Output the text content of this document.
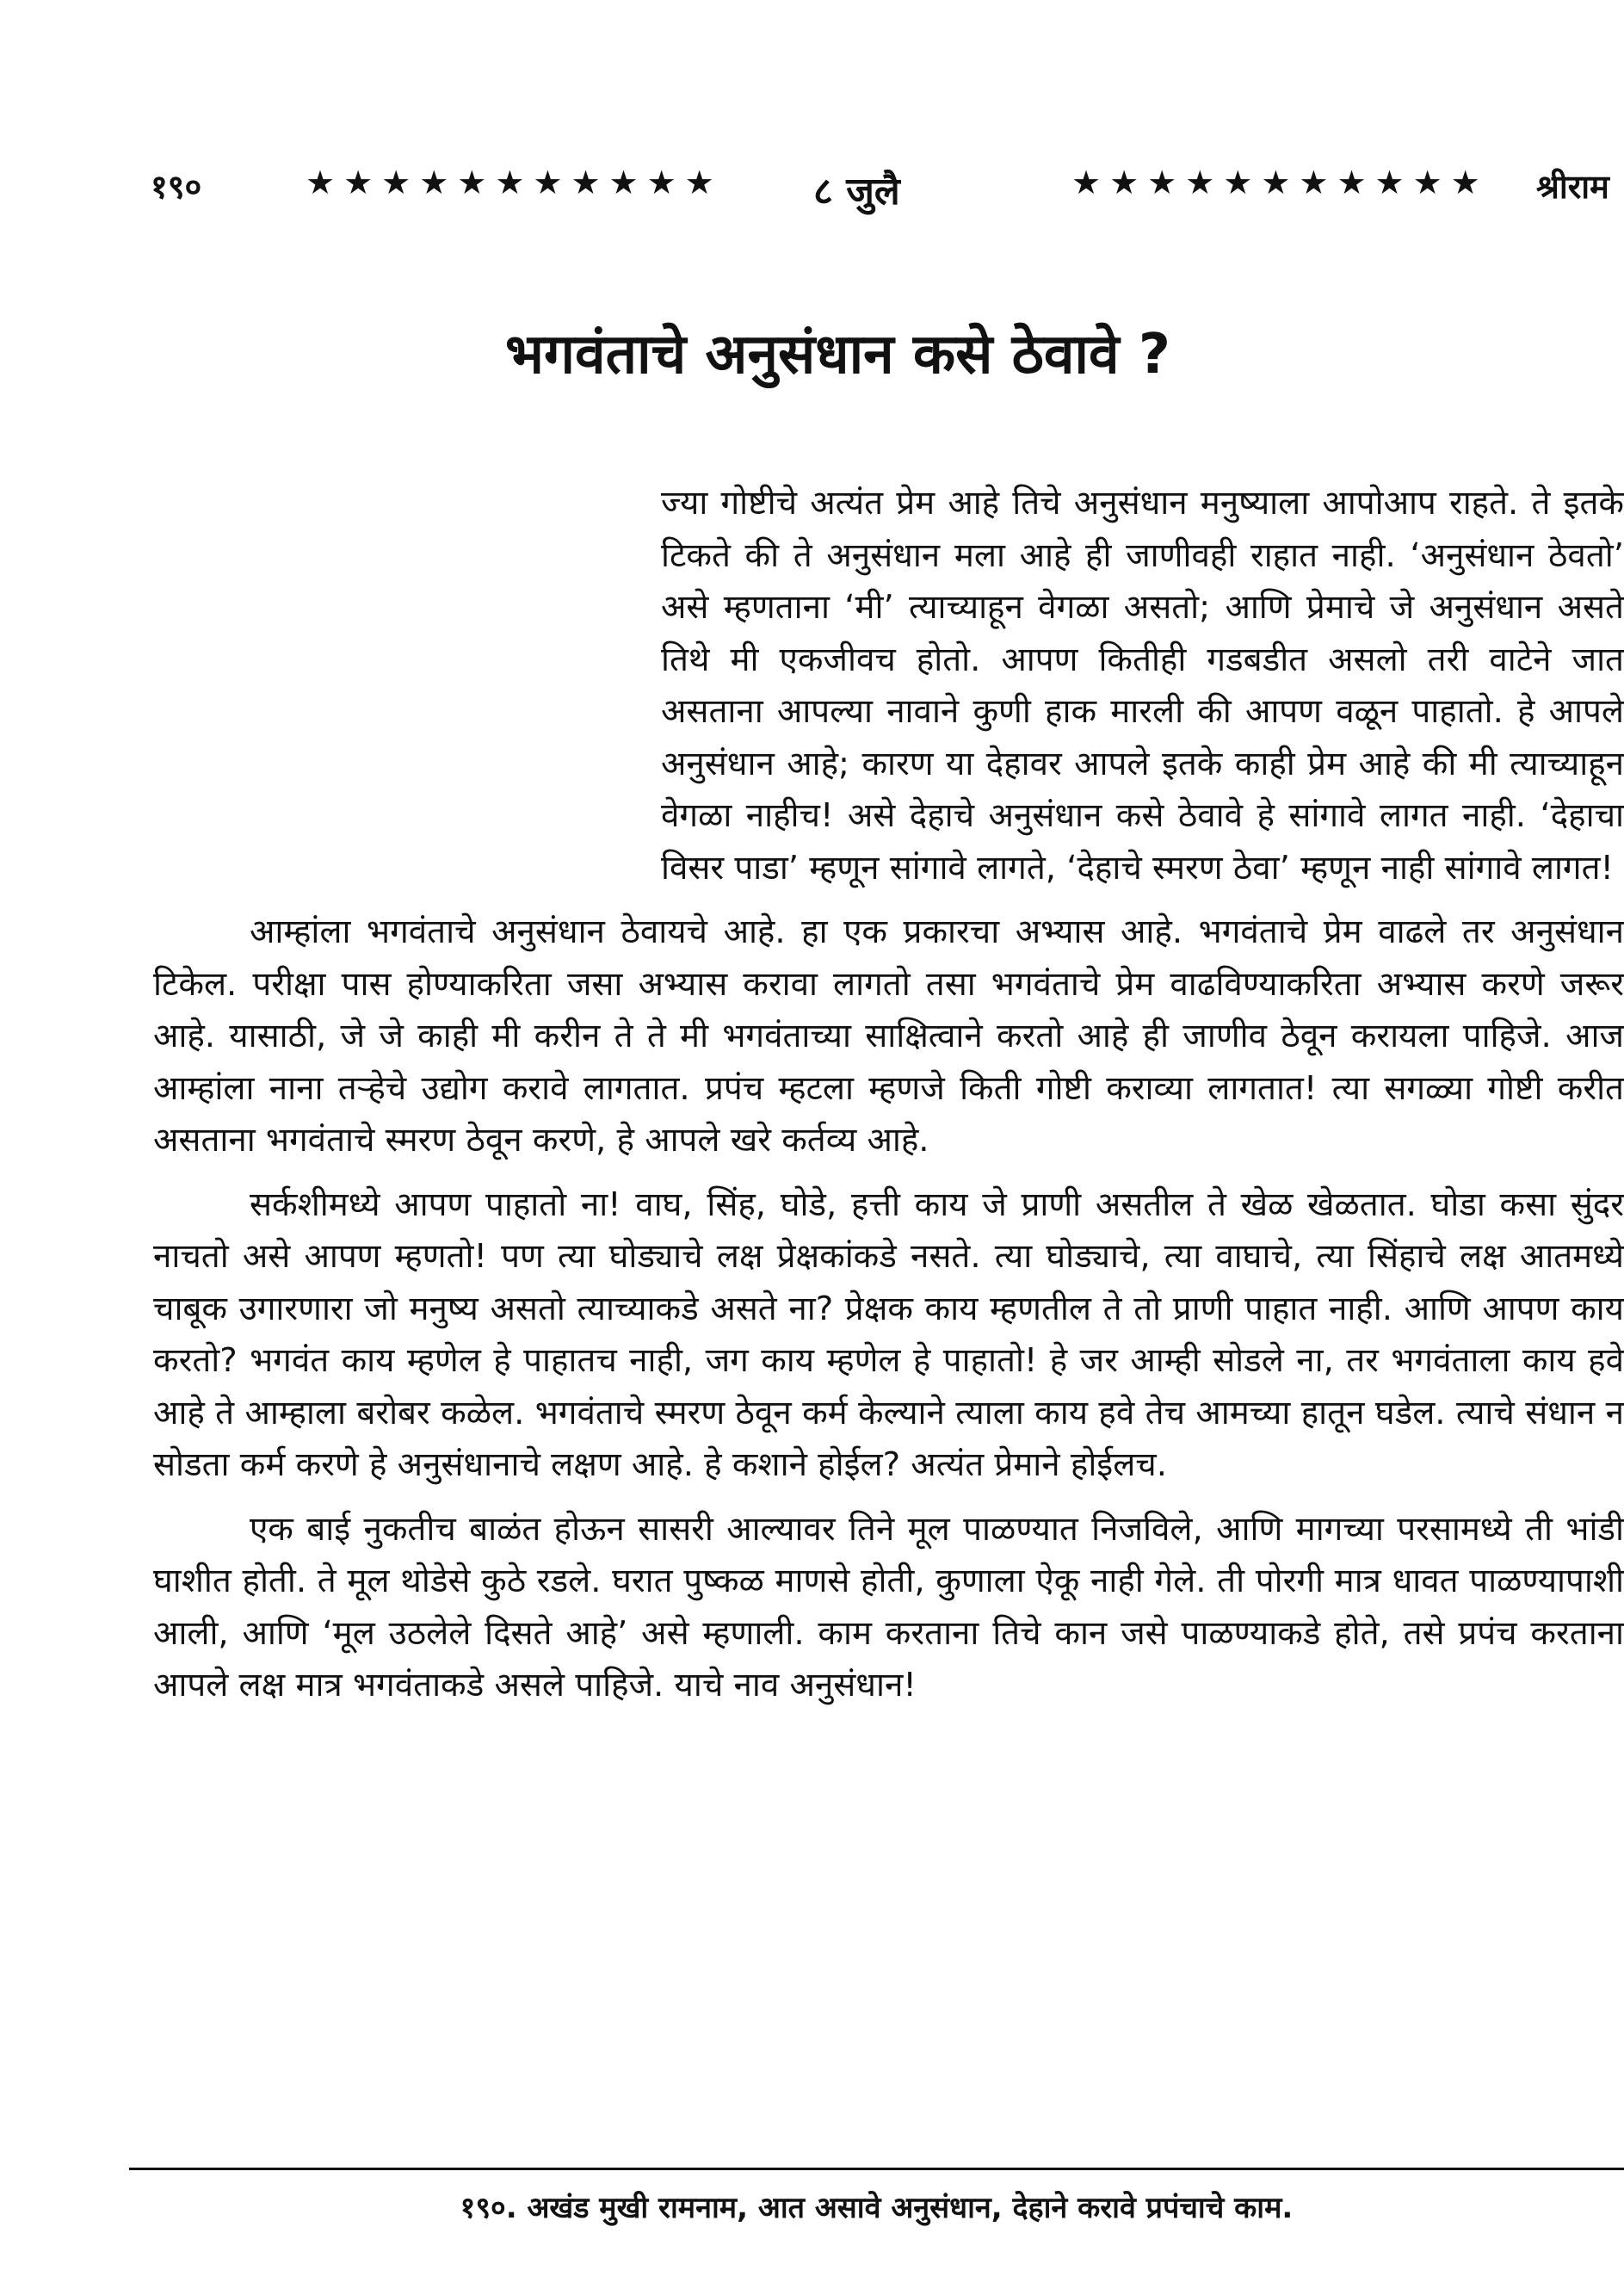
१९०	★★★★★★★★★★★ ८ जुलै	★★★★★★★★★★★ श्रीराम
भगवंताचे अनुसंधान कसे ठेवावे ?

ज्या गोष्टीचे अत्यंत प्रेम आहे तिचे अनुसंधान मनुष्याला आपोआप राहते. ते इतके टिकते की ते अनुसंधान मला आहे ही जाणीवही राहात नाही. ‘अनुसंधान ठेवतो’ असे म्हणताना ‘मी’ त्याच्याहून वेगळा असतो; आणि प्रेमाचे जे अनुसंधान असते तिथे मी एकजीवच होतो. आपण कितीही गडबडीत असलो तरी वाटेने जात असताना आपल्या नावाने कुणी हाक मारली की आपण वळून पाहातो. हे आपले अनुसंधान आहे; कारण या देहावर आपले इतके काही प्रेम आहे की मी त्याच्याहून वेगळा नाहीच! असे देहाचे अनुसंधान कसे ठेवावे हे सांगावे लागत नाही. ‘देहाचा विसर पाडा’ म्हणून सांगावे लागते, ‘देहाचे स्मरण ठेवा’ म्हणून नाही सांगावे लागत!

आम्हांला भगवंताचे अनुसंधान ठेवायचे आहे. हा एक प्रकारचा अभ्यास आहे. भगवंताचे प्रेम वाढले तर अनुसंधान टिकेल. परीक्षा पास होण्याकरिता जसा अभ्यास करावा लागतो तसा भगवंताचे प्रेम वाढविण्याकरिता अभ्यास करणे जरूर आहे. यासाठी, जे जे काही मी करीन ते ते मी भगवंताच्या साक्षित्वाने करतो आहे ही जाणीव ठेवून करायला पाहिजे. आज आम्हांला नाना तऱ्हेचे उद्योग करावे लागतात. प्रपंच म्हटला म्हणजे किती गोष्टी कराव्या लागतात! त्या सगळ्या गोष्टी करीत असताना भगवंताचे स्मरण ठेवून करणे, हे आपले खरे कर्तव्य आहे.

सर्कशीमध्ये आपण पाहातो ना! वाघ, सिंह, घोडे, हत्ती काय जे प्राणी असतील ते खेळ खेळतात. घोडा कसा सुंदर नाचतो असे आपण म्हणतो! पण त्या घोड्याचे लक्ष प्रेक्षकांकडे नसते. त्या घोड्याचे, त्या वाघाचे, त्या सिंहाचे लक्ष आतमध्ये चाबूक उगारणारा जो मनुष्य असतो त्याच्याकडे असते ना? प्रेक्षक काय म्हणतील ते तो प्राणी पाहात नाही. आणि आपण काय करतो? भगवंत काय म्हणेल हे पाहातच नाही, जग काय म्हणेल हे पाहातो! हे जर आम्ही सोडले ना, तर भगवंताला काय हवे आहे ते आम्हाला बरोबर कळेल. भगवंताचे स्मरण ठेवून कर्म केल्याने त्याला काय हवे तेच आमच्या हातून घडेल. त्याचे संधान न सोडता कर्म करणे हे अनुसंधानाचे लक्षण आहे. हे कशाने होईल? अत्यंत प्रेमाने होईलच.

एक बाई नुकतीच बाळंत होऊन सासरी आल्यावर तिने मूल पाळण्यात निजविले, आणि मागच्या परसामध्ये ती भांडी घाशीत होती. ते मूल थोडेसे कुठे रडले. घरात पुष्कळ माणसे होती, कुणाला ऐकू नाही गेले. ती पोरगी मात्र धावत पाळण्यापाशी आली, आणि ‘मूल उठलेले दिसते आहे’ असे म्हणाली. काम करताना तिचे कान जसे पाळण्याकडे होते, तसे प्रपंच करताना आपले लक्ष मात्र भगवंताकडे असले पाहिजे. याचे नाव अनुसंधान!

१९०. अखंड मुखी रामनाम, आत असावे अनुसंधान, देहाने करावे प्रपंचाचे काम.
